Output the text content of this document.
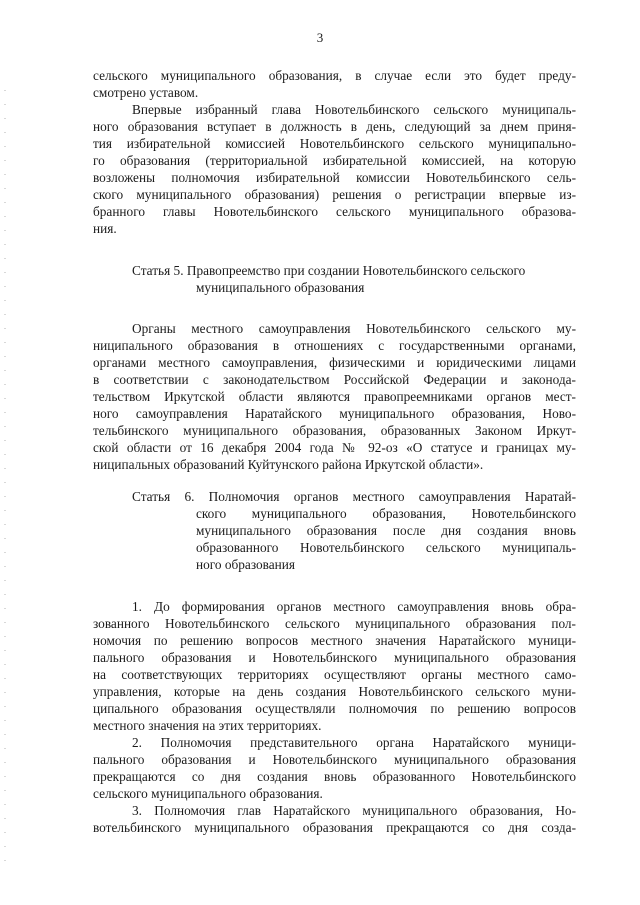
3
сельского муниципального образования, в случае если это будет преду-
смотрено уставом.
Впервые избранный глава Новотельбинского сельского муниципаль-
ного образования вступает в должность в день, следующий за днем приня-
тия избирательной комиссией Новотельбинского сельского муниципально-
го образования (территориальной избирательной комиссией, на которую
возложены полномочия избирательной комиссии Новотельбинского сель-
ского муниципального образования) решения о регистрации впервые из-
бранного главы Новотельбинского сельского муниципального образова-
ния.
Статья 5. Правопреемство при создании Новотельбинского сельского
муниципального образования
Органы местного самоуправления Новотельбинского сельского му-
ниципального образования в отношениях с государственными органами,
органами местного самоуправления, физическими и юридическими лицами
в соответствии с законодательством Российской Федерации и законода-
тельством Иркутской области являются правопреемниками органов мест-
ного самоуправления Наратайского муниципального образования, Ново-
тельбинского муниципального образования, образованных Законом Иркут-
ской области от 16 декабря 2004 года № 92-оз «О статусе и границах му-
ниципальных образований Куйтунского района Иркутской области».
Статья 6. Полномочия органов местного самоуправления Наратай-
ского муниципального образования, Новотельбинского
муниципального образования после дня создания вновь
образованного Новотельбинского сельского муниципаль-
ного образования
1. До формирования органов местного самоуправления вновь обра-
зованного Новотельбинского сельского муниципального образования пол-
номочия по решению вопросов местного значения Наратайского муници-
пального образования и Новотельбинского муниципального образования
на соответствующих территориях осуществляют органы местного само-
управления, которые на день создания Новотельбинского сельского муни-
ципального образования осуществляли полномочия по решению вопросов
местного значения на этих территориях.
2. Полномочия представительного органа Наратайского муници-
пального образования и Новотельбинского муниципального образования
прекращаются со дня создания вновь образованного Новотельбинского
сельского муниципального образования.
3. Полномочия глав Наратайского муниципального образования, Но-
вотельбинского муниципального образования прекращаются со дня созда-
